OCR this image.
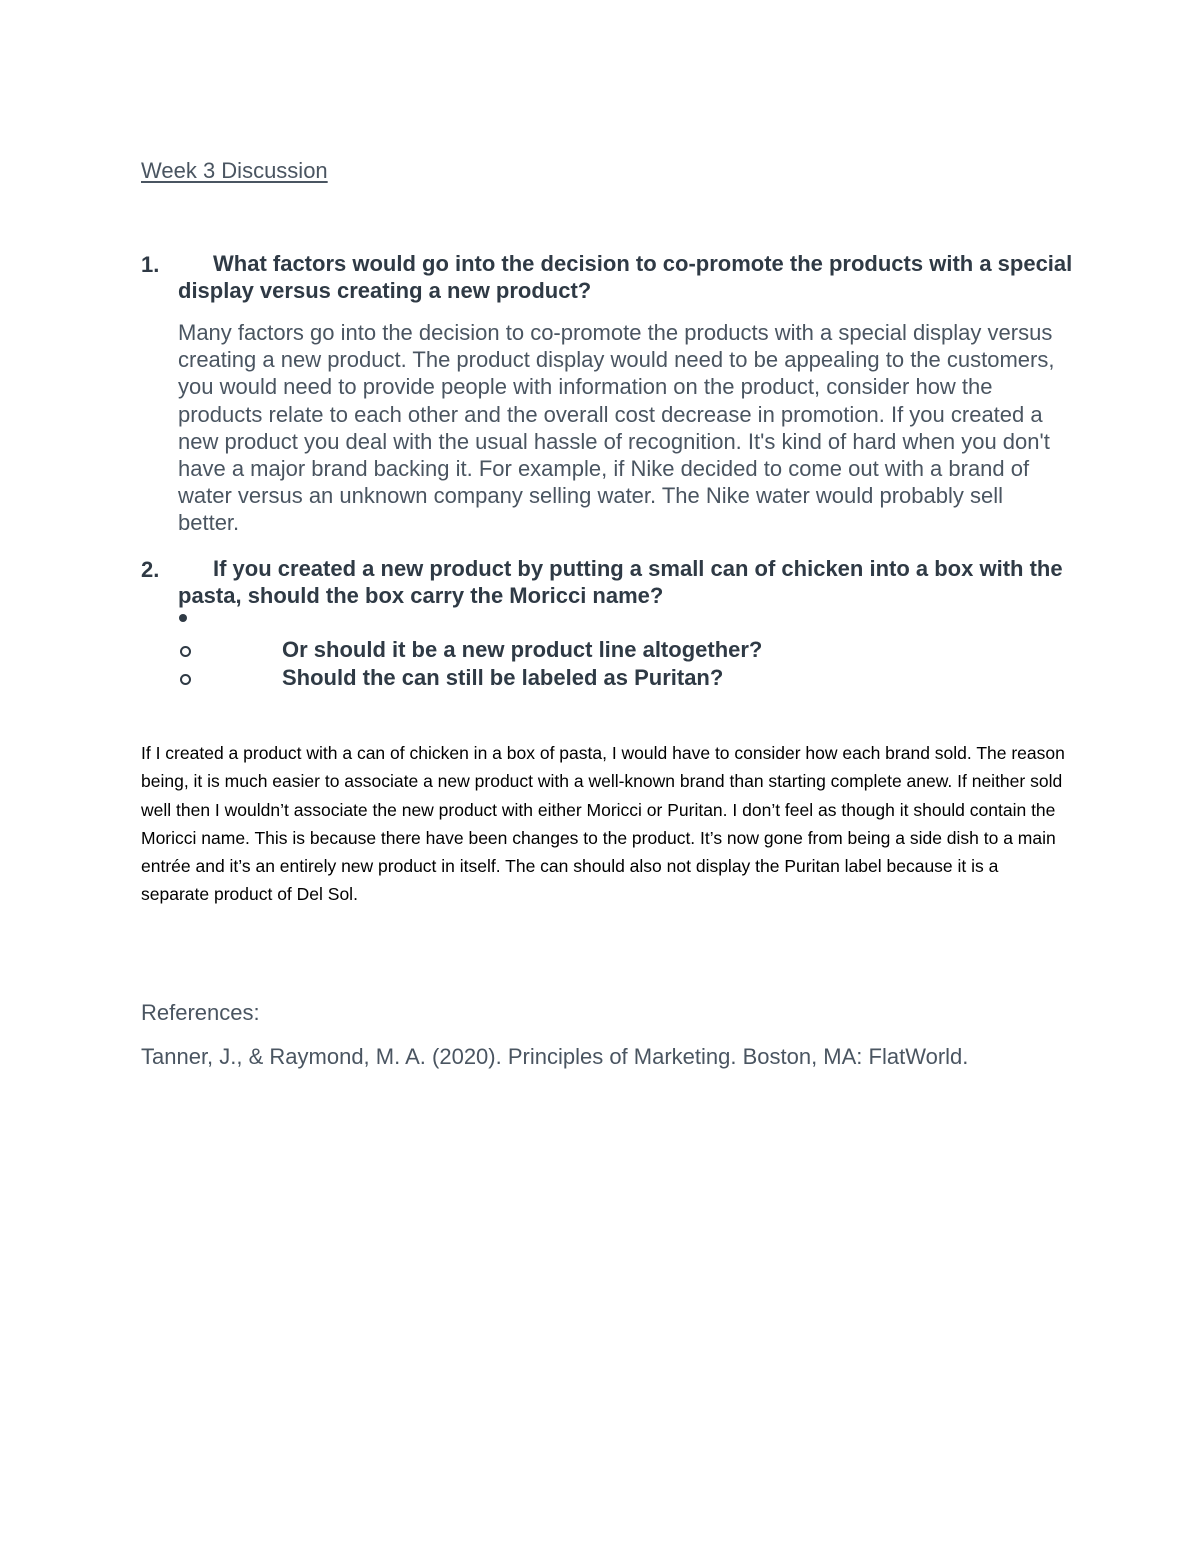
Week 3 Discussion
1.	What factors would go into the decision to co-promote the products with a special display versus creating a new product?

Many factors go into the decision to co-promote the products with a special display versus creating a new product. The product display would need to be appealing to the customers, you would need to provide people with information on the product, consider how the products relate to each other and the overall cost decrease in promotion. If you created a new product you deal with the usual hassle of recognition. It's kind of hard when you don't have a major brand backing it. For example, if Nike decided to come out with a brand of water versus an unknown company selling water. The Nike water would probably sell better.

2.	If you created a new product by putting a small can of chicken into a box with the pasta, should the box carry the Moricci name?

Or should it be a new product line altogether?
Should the can still be labeled as Puritan?

If I created a product with a can of chicken in a box of pasta, I would have to consider how each brand sold. The reason being, it is much easier to associate a new product with a well-known brand than starting complete anew. If neither sold well then I wouldn’t associate the new product with either Moricci or Puritan. I don’t feel as though it should contain the Moricci name. This is because there have been changes to the product. It’s now gone from being a side dish to a main entrée and it’s an entirely new product in itself. The can should also not display the Puritan label because it is a separate product of Del Sol.

References:

Tanner, J., & Raymond, M. A. (2020). Principles of Marketing. Boston, MA: FlatWorld.
